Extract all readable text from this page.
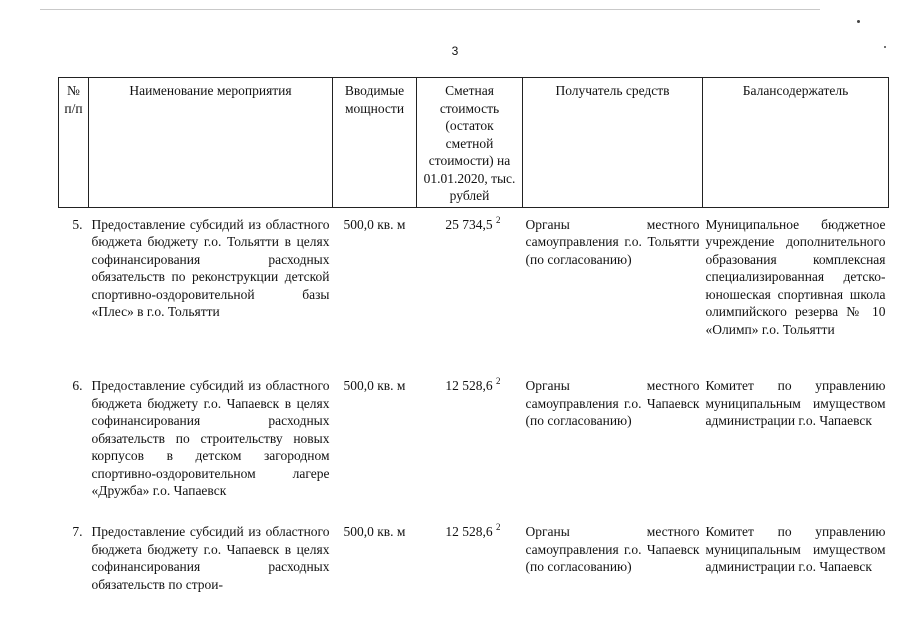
3
№ п/п	Наименование мероприятия	Вводимые мощности	Сметная стоимость (остаток сметной стоимости) на 01.01.2020, тыс. рублей	Получатель средств	Балансодержатель
5.	Предоставление субсидий из областного бюджета бюджету г.о. Тольятти в целях софинансирования расходных обязательств по реконструкции детской спортивно-оздоровительной базы «Плес» в г.о. Тольятти	500,0 кв. м	25 734,5 $^2$	Органы местного самоуправления г.о. Тольятти (по согласованию)	Муниципальное бюджетное учреждение дополнительного образования комплексная специализированная детско-юношеская спортивная школа олимпийского резерва № 10 «Олимп» г.о. Тольятти
6.	Предоставление субсидий из областного бюджета бюджету г.о. Чапаевск в целях софинансирования расходных обязательств по строительству новых корпусов в детском загородном спортивно-оздоровительном лагере «Дружба» г.о. Чапаевск	500,0 кв. м	12 528,6 $^2$	Органы местного самоуправления г.о. Чапаевск (по согласованию)	Комитет по управлению муниципальным имуществом администрации г.о. Чапаевск
7.	Предоставление субсидий из областного бюджета бюджету г.о. Чапаевск в целях софинансирования расходных обязательств по строи-	500,0 кв. м	12 528,6 $^2$	Органы местного самоуправления г.о. Чапаевск (по согласованию)	Комитет по управлению муниципальным имуществом администрации г.о. Чапаевск
